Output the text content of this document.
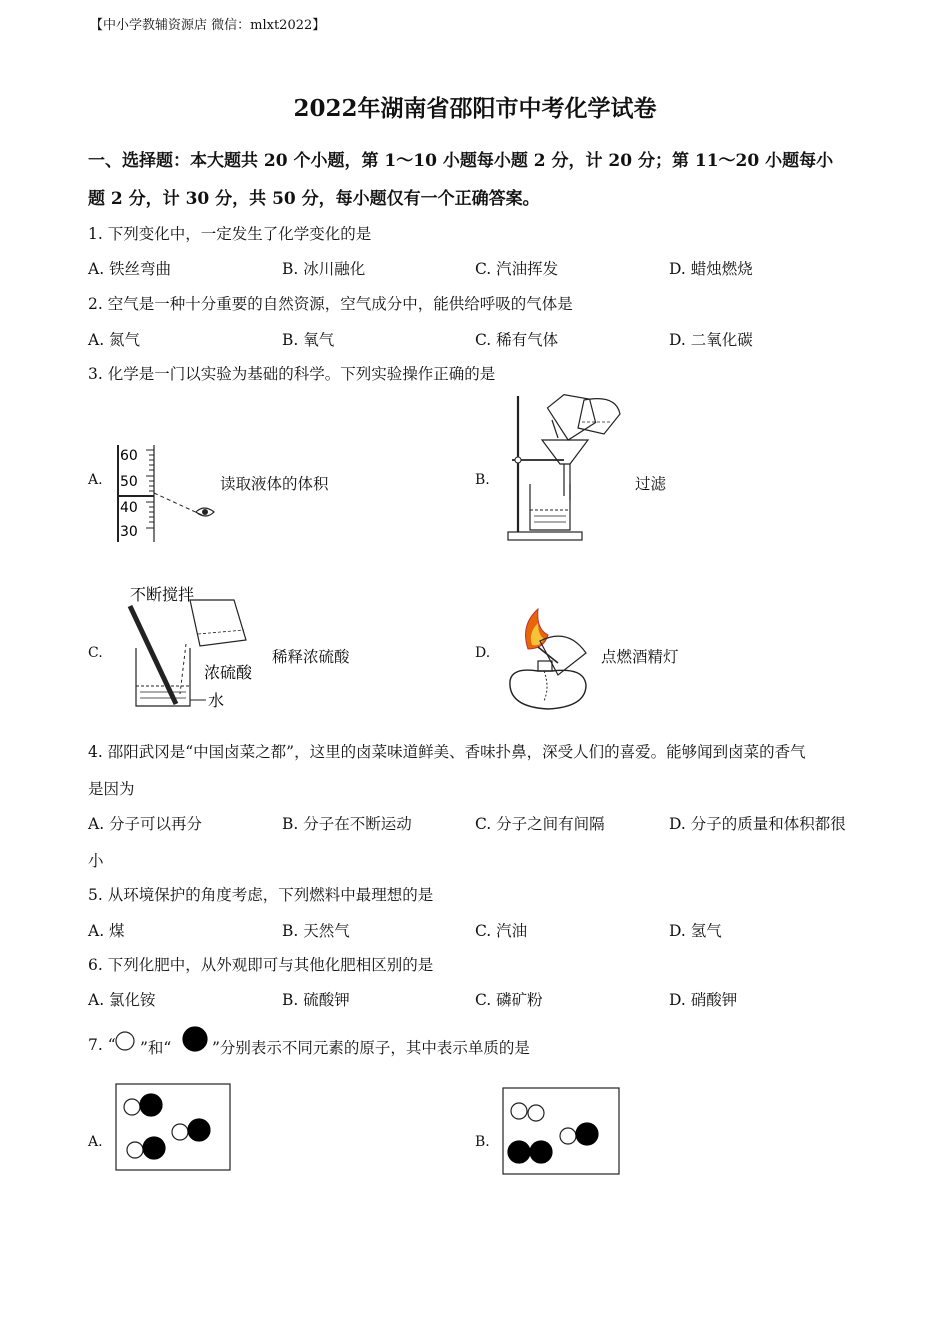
【中小学教辅资源店 微信：mlxt2022】
2022年湖南省邵阳市中考化学试卷
一、选择题：本大题共 20 个小题，第 1～10 小题每小题 2 分，计 20 分；第 11～20 小题每小
题 2 分，计 30 分，共 50 分，每小题仅有一个正确答案。
1. 下列变化中，一定发生了化学变化的是
A. 铁丝弯曲	B. 冰川融化	C. 汽油挥发	D. 蜡烛燃烧
2. 空气是一种十分重要的自然资源，空气成分中，能供给呼吸的气体是
A. 氮气	B. 氧气	C. 稀有气体	D. 二氧化碳
3. 化学是一门以实验为基础的科学。下列实验操作正确的是
A.
60
50
40
30
读取液体的体积	B.	过滤
C.
不断搅拌
浓硫酸
水
稀释浓硫酸	D.	点燃酒精灯
4. 邵阳武冈是“中国卤菜之都”，这里的卤菜味道鲜美、香味扑鼻，深受人们的喜爱。能够闻到卤菜的香气
是因为
A. 分子可以再分	B. 分子在不断运动	C. 分子之间有间隔	D. 分子的质量和体积都很
小
5. 从环境保护的角度考虑，下列燃料中最理想的是
A. 煤	B. 天然气	C. 汽油	D. 氢气
6. 下列化肥中，从外观即可与其他化肥相区别的是
A. 氯化铵	B. 硫酸钾	C. 磷矿粉	D. 硝酸钾
7. “ ”和“	”分别表示不同元素的原子，其中表示单质的是
A.	B.
